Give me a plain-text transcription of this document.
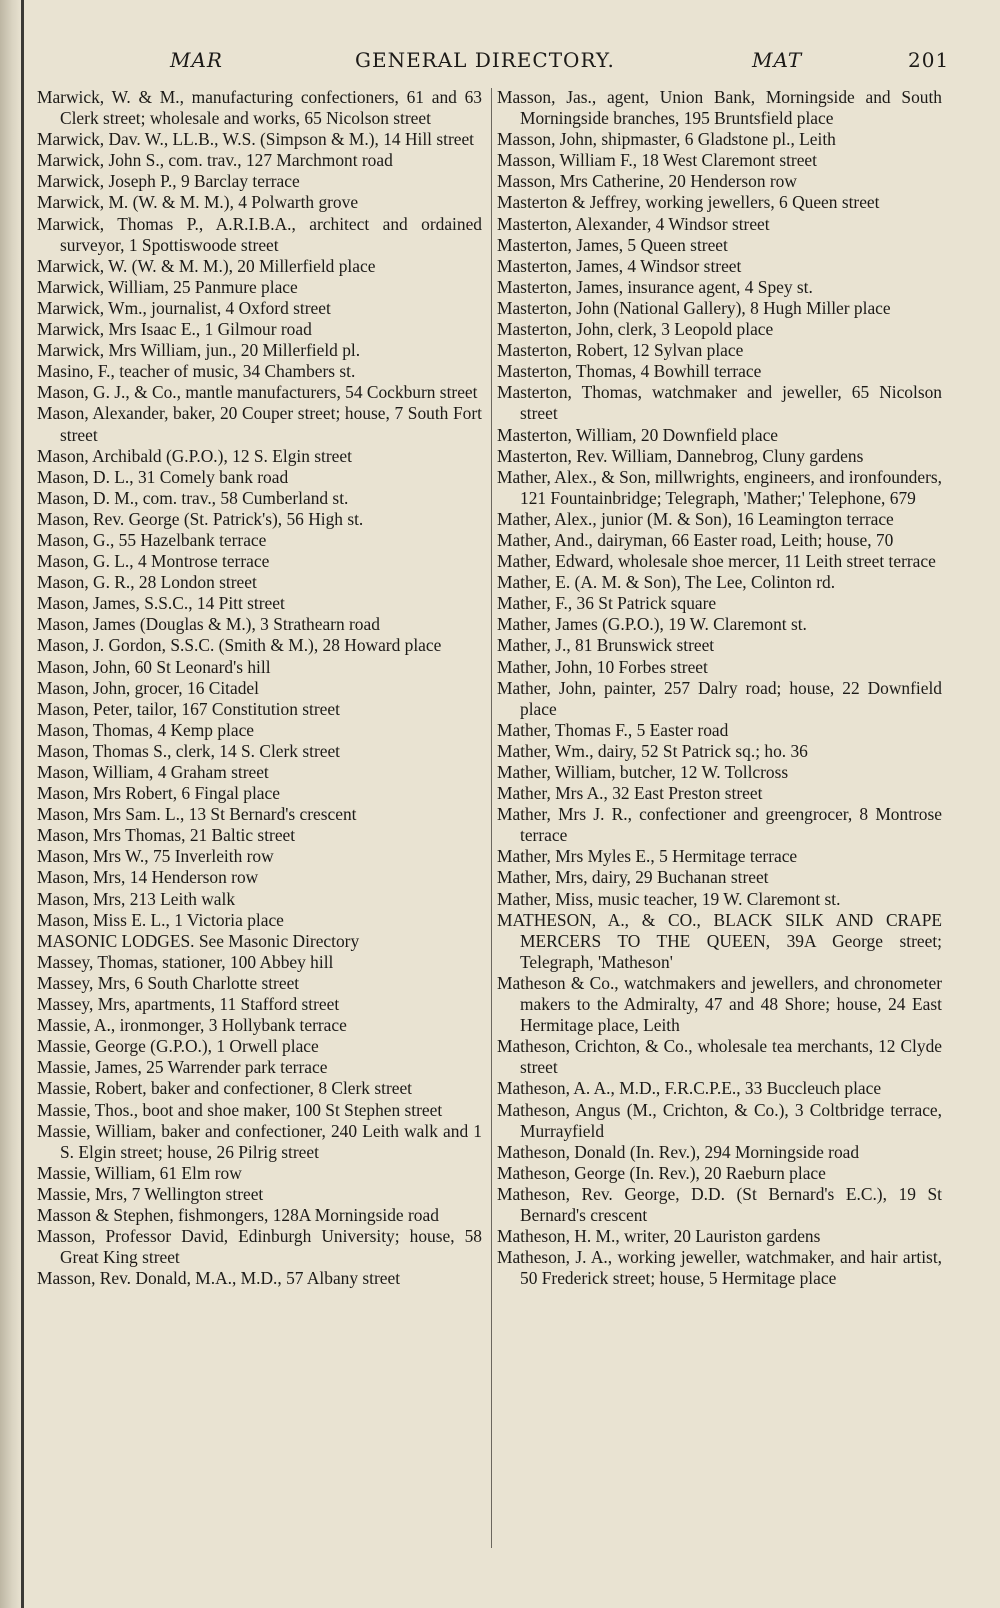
MAR	GENERAL DIRECTORY.	MAT	201

Marwick, W. & M., manufacturing confectioners, 61 and 63 Clerk street; wholesale and works, 65 Nicolson street

Marwick, Dav. W., LL.B., W.S. (Simpson & M.), 14 Hill street

Marwick, John S., com. trav., 127 Marchmont road

Marwick, Joseph P., 9 Barclay terrace

Marwick, M. (W. & M. M.), 4 Polwarth grove

Marwick, Thomas P., A.R.I.B.A., architect and ordained surveyor, 1 Spottiswoode street

Marwick, W. (W. & M. M.), 20 Millerfield place

Marwick, William, 25 Panmure place

Marwick, Wm., journalist, 4 Oxford street

Marwick, Mrs Isaac E., 1 Gilmour road

Marwick, Mrs William, jun., 20 Millerfield pl.

Masino, F., teacher of music, 34 Chambers st.

Mason, G. J., & Co., mantle manufacturers, 54 Cockburn street

Mason, Alexander, baker, 20 Couper street; house, 7 South Fort street

Mason, Archibald (G.P.O.), 12 S. Elgin street

Mason, D. L., 31 Comely bank road

Mason, D. M., com. trav., 58 Cumberland st.

Mason, Rev. George (St. Patrick's), 56 High st.

Mason, G., 55 Hazelbank terrace

Mason, G. L., 4 Montrose terrace

Mason, G. R., 28 London street

Mason, James, S.S.C., 14 Pitt street

Mason, James (Douglas & M.), 3 Strathearn road

Mason, J. Gordon, S.S.C. (Smith & M.), 28 Howard place

Mason, John, 60 St Leonard's hill

Mason, John, grocer, 16 Citadel

Mason, Peter, tailor, 167 Constitution street

Mason, Thomas, 4 Kemp place

Mason, Thomas S., clerk, 14 S. Clerk street

Mason, William, 4 Graham street

Mason, Mrs Robert, 6 Fingal place

Mason, Mrs Sam. L., 13 St Bernard's crescent

Mason, Mrs Thomas, 21 Baltic street

Mason, Mrs W., 75 Inverleith row

Mason, Mrs, 14 Henderson row

Mason, Mrs, 213 Leith walk

Mason, Miss E. L., 1 Victoria place

MASONIC LODGES. See Masonic Directory

Massey, Thomas, stationer, 100 Abbey hill

Massey, Mrs, 6 South Charlotte street

Massey, Mrs, apartments, 11 Stafford street

Massie, A., ironmonger, 3 Hollybank terrace

Massie, George (G.P.O.), 1 Orwell place

Massie, James, 25 Warrender park terrace

Massie, Robert, baker and confectioner, 8 Clerk street

Massie, Thos., boot and shoe maker, 100 St Stephen street

Massie, William, baker and confectioner, 240 Leith walk and 1 S. Elgin street; house, 26 Pilrig street

Massie, William, 61 Elm row

Massie, Mrs, 7 Wellington street

Masson & Stephen, fishmongers, 128A Morningside road

Masson, Professor David, Edinburgh University; house, 58 Great King street

Masson, Rev. Donald, M.A., M.D., 57 Albany street

Masson, Jas., agent, Union Bank, Morningside and South Morningside branches, 195 Bruntsfield place

Masson, John, shipmaster, 6 Gladstone pl., Leith

Masson, William F., 18 West Claremont street

Masson, Mrs Catherine, 20 Henderson row

Masterton & Jeffrey, working jewellers, 6 Queen street

Masterton, Alexander, 4 Windsor street

Masterton, James, 5 Queen street

Masterton, James, 4 Windsor street

Masterton, James, insurance agent, 4 Spey st.

Masterton, John (National Gallery), 8 Hugh Miller place

Masterton, John, clerk, 3 Leopold place

Masterton, Robert, 12 Sylvan place

Masterton, Thomas, 4 Bowhill terrace

Masterton, Thomas, watchmaker and jeweller, 65 Nicolson street

Masterton, William, 20 Downfield place

Masterton, Rev. William, Dannebrog, Cluny gardens

Mather, Alex., & Son, millwrights, engineers, and ironfounders, 121 Fountainbridge; Telegraph, 'Mather;' Telephone, 679

Mather, Alex., junior (M. & Son), 16 Leamington terrace

Mather, And., dairyman, 66 Easter road, Leith; house, 70

Mather, Edward, wholesale shoe mercer, 11 Leith street terrace

Mather, E. (A. M. & Son), The Lee, Colinton rd.

Mather, F., 36 St Patrick square

Mather, James (G.P.O.), 19 W. Claremont st.

Mather, J., 81 Brunswick street

Mather, John, 10 Forbes street

Mather, John, painter, 257 Dalry road; house, 22 Downfield place

Mather, Thomas F., 5 Easter road

Mather, Wm., dairy, 52 St Patrick sq.; ho. 36

Mather, William, butcher, 12 W. Tollcross

Mather, Mrs A., 32 East Preston street

Mather, Mrs J. R., confectioner and greengrocer, 8 Montrose terrace

Mather, Mrs Myles E., 5 Hermitage terrace

Mather, Mrs, dairy, 29 Buchanan street

Mather, Miss, music teacher, 19 W. Claremont st.

MATHESON, A., & CO., BLACK SILK AND CRAPE MERCERS TO THE QUEEN, 39A George street; Telegraph, 'Matheson'

Matheson & Co., watchmakers and jewellers, and chronometer makers to the Admiralty, 47 and 48 Shore; house, 24 East Hermitage place, Leith

Matheson, Crichton, & Co., wholesale tea merchants, 12 Clyde street

Matheson, A. A., M.D., F.R.C.P.E., 33 Buccleuch place

Matheson, Angus (M., Crichton, & Co.), 3 Coltbridge terrace, Murrayfield

Matheson, Donald (In. Rev.), 294 Morningside road

Matheson, George (In. Rev.), 20 Raeburn place

Matheson, Rev. George, D.D. (St Bernard's E.C.), 19 St Bernard's crescent

Matheson, H. M., writer, 20 Lauriston gardens

Matheson, J. A., working jeweller, watchmaker, and hair artist, 50 Frederick street; house, 5 Hermitage place
